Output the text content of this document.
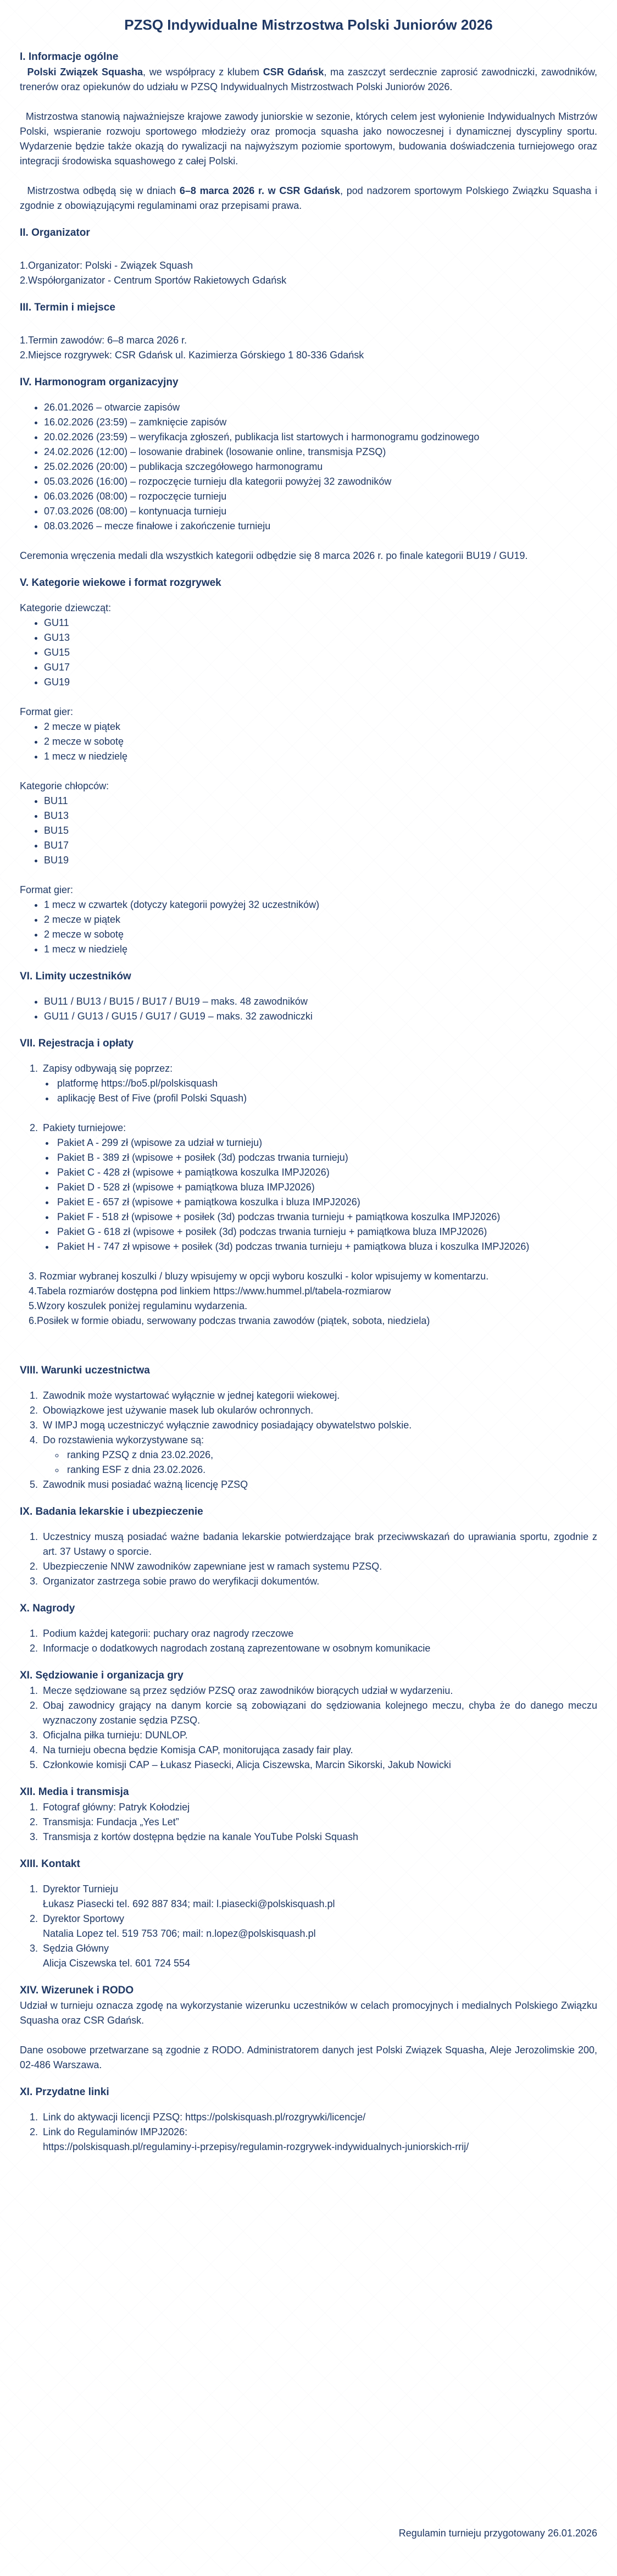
PZSQ Indywidualne Mistrzostwa Polski Juniorów 2026
I. Informacje ogólne

Polski Związek Squasha, we współpracy z klubem CSR Gdańsk, ma zaszczyt serdecznie zaprosić zawodniczki, zawodników, trenerów oraz opiekunów do udziału w PZSQ Indywidualnych Mistrzostwach Polski Juniorów 2026.

Mistrzostwa stanowią najważniejsze krajowe zawody juniorskie w sezonie, których celem jest wyłonienie Indywidualnych Mistrzów Polski, wspieranie rozwoju sportowego młodzieży oraz promocja squasha jako nowoczesnej i dynamicznej dyscypliny sportu. Wydarzenie będzie także okazją do rywalizacji na najwyższym poziomie sportowym, budowania doświadczenia turniejowego oraz integracji środowiska squashowego z całej Polski.

Mistrzostwa odbędą się w dniach 6–8 marca 2026 r. w CSR Gdańsk, pod nadzorem sportowym Polskiego Związku Squasha i zgodnie z obowiązującymi regulaminami oraz przepisami prawa.

II. Organizator

1.Organizator: Polski - Związek Squash

2.Współorganizator - Centrum Sportów Rakietowych Gdańsk

III. Termin i miejsce

1.Termin zawodów: 6–8 marca 2026 r.

2.Miejsce rozgrywek: CSR Gdańsk ul. Kazimierza Górskiego 1 80-336 Gdańsk

IV. Harmonogram organizacyjny
• 26.01.2026 – otwarcie zapisów
• 16.02.2026 (23:59) – zamknięcie zapisów
• 20.02.2026 (23:59) – weryfikacja zgłoszeń, publikacja list startowych i harmonogramu godzinowego
• 24.02.2026 (12:00) – losowanie drabinek (losowanie online, transmisja PZSQ)
• 25.02.2026 (20:00) – publikacja szczegółowego harmonogramu
• 05.03.2026 (16:00) – rozpoczęcie turnieju dla kategorii powyżej 32 zawodników
• 06.03.2026 (08:00) – rozpoczęcie turnieju
• 07.03.2026 (08:00) – kontynuacja turnieju
• 08.03.2026 – mecze finałowe i zakończenie turnieju

Ceremonia wręczenia medali dla wszystkich kategorii odbędzie się 8 marca 2026 r. po finale kategorii BU19 / GU19.

V. Kategorie wiekowe i format rozgrywek

Kategorie dziewcząt:

• GU11
• GU13
• GU15
• GU17
• GU19

Format gier:

• 2 mecze w piątek
• 2 mecze w sobotę
• 1 mecz w niedzielę

Kategorie chłopców:

• BU11
• BU13
• BU15
• BU17
• BU19

Format gier:

• 1 mecz w czwartek (dotyczy kategorii powyżej 32 uczestników)
• 2 mecze w piątek
• 2 mecze w sobotę
• 1 mecz w niedzielę
VI. Limity uczestników
• BU11 / BU13 / BU15 / BU17 / BU19 – maks. 48 zawodników
• GU11 / GU13 / GU15 / GU17 / GU19 – maks. 32 zawodniczki
VII. Rejestracja i opłaty
1. Zapisy odbywają się poprzez:
• platformę https://bo5.pl/polskisquash
• aplikację Best of Five (profil Polski Squash)
2. Pakiety turniejowe:
• Pakiet A - 299 zł (wpisowe za udział w turnieju)
• Pakiet B - 389 zł (wpisowe + posiłek (3d) podczas trwania turnieju)
• Pakiet C - 428 zł (wpisowe + pamiątkowa koszulka IMPJ2026)
• Pakiet D - 528 zł (wpisowe + pamiątkowa bluza IMPJ2026)
• Pakiet E - 657 zł (wpisowe + pamiątkowa koszulka i bluza IMPJ2026)
• Pakiet F - 518 zł (wpisowe + posiłek (3d) podczas trwania turnieju + pamiątkowa koszulka IMPJ2026)
• Pakiet G - 618 zł (wpisowe + posiłek (3d) podczas trwania turnieju + pamiątkowa bluza IMPJ2026)
• Pakiet H - 747 zł wpisowe + posiłek (3d) podczas trwania turnieju + pamiątkowa bluza i koszulka IMPJ2026)

3. Rozmiar wybranej koszulki / bluzy wpisujemy w opcji wyboru koszulki - kolor wpisujemy w komentarzu.

4.Tabela rozmiarów dostępna pod linkiem https://www.hummel.pl/tabela-rozmiarow

5.Wzory koszulek poniżej regulaminu wydarzenia.

6.Posiłek w formie obiadu, serwowany podczas trwania zawodów (piątek, sobota, niedziela)

VIII. Warunki uczestnictwa
1. Zawodnik może wystartować wyłącznie w jednej kategorii wiekowej.
2. Obowiązkowe jest używanie masek lub okularów ochronnych.
3. W IMPJ mogą uczestniczyć wyłącznie zawodnicy posiadający obywatelstwo polskie.
4. Do rozstawienia wykorzystywane są:
◦ ranking PZSQ z dnia 23.02.2026,
◦ ranking ESF z dnia 23.02.2026.
5. Zawodnik musi posiadać ważną licencję PZSQ
IX. Badania lekarskie i ubezpieczenie
1. Uczestnicy muszą posiadać ważne badania lekarskie potwierdzające brak przeciwwskazań do uprawiania sportu, zgodnie z art. 37 Ustawy o sporcie.
2. Ubezpieczenie NNW zawodników zapewniane jest w ramach systemu PZSQ.
3. Organizator zastrzega sobie prawo do weryfikacji dokumentów.
X. Nagrody
1. Podium każdej kategorii: puchary oraz nagrody rzeczowe
2. Informacje o dodatkowych nagrodach zostaną zaprezentowane w osobnym komunikacie
XI. Sędziowanie i organizacja gry
1. Mecze sędziowane są przez sędziów PZSQ oraz zawodników biorących udział w wydarzeniu.
2. Obaj zawodnicy grający na danym korcie są zobowiązani do sędziowania kolejnego meczu, chyba że do danego meczu wyznaczony zostanie sędzia PZSQ.
3. Oficjalna piłka turnieju: DUNLOP.
4. Na turnieju obecna będzie Komisja CAP, monitorująca zasady fair play.
5. Członkowie komisji CAP – Łukasz Piasecki, Alicja Ciszewska, Marcin Sikorski, Jakub Nowicki
XII. Media i transmisja
1. Fotograf główny: Patryk Kołodziej
2. Transmisja: Fundacja „Yes Let”
3. Transmisja z kortów dostępna będzie na kanale YouTube Polski Squash
XIII. Kontakt
1. Dyrektor Turnieju
Łukasz Piasecki tel. 692 887 834; mail: l.piasecki@polskisquash.pl
2. Dyrektor Sportowy
Natalia Lopez tel. 519 753 706; mail: n.lopez@polskisquash.pl
3. Sędzia Główny
Alicja Ciszewska tel. 601 724 554
XIV. Wizerunek i RODO

Udział w turnieju oznacza zgodę na wykorzystanie wizerunku uczestników w celach promocyjnych i medialnych Polskiego Związku Squasha oraz CSR Gdańsk.

Dane osobowe przetwarzane są zgodnie z RODO. Administratorem danych jest Polski Związek Squasha, Aleje Jerozolimskie 200, 02-486 Warszawa.

XI. Przydatne linki
1. Link do aktywacji licencji PZSQ: https://polskisquash.pl/rozgrywki/licencje/
2. Link do Regulaminów IMPJ2026:
https://polskisquash.pl/regulaminy-i-przepisy/regulamin-rozgrywek-indywidualnych-juniorskich-rrij/
Regulamin turnieju przygotowany 26.01.2026
